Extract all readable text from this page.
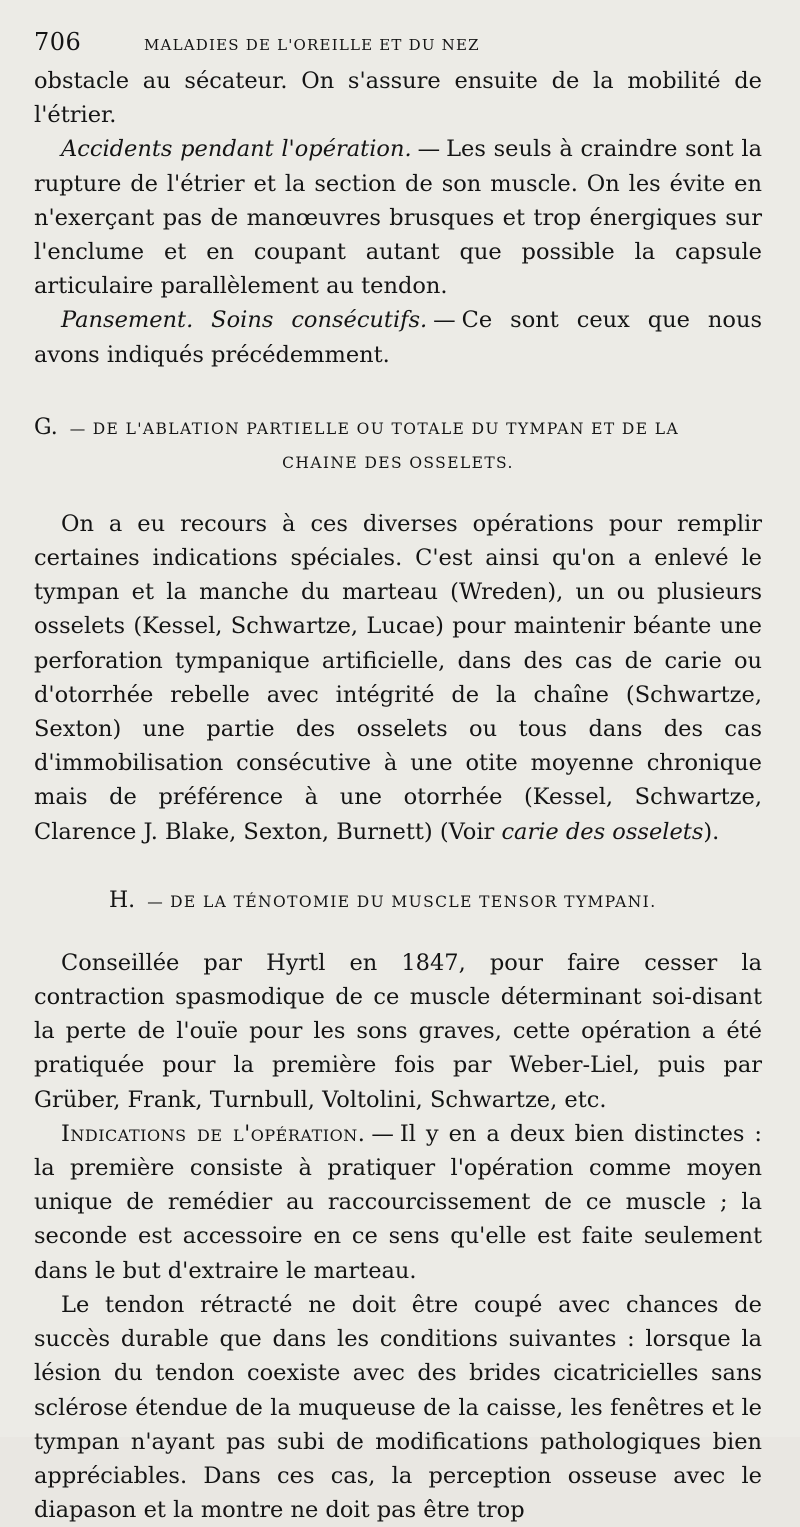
706	MALADIES DE L'OREILLE ET DU NEZ

obstacle au sécateur. On s'assure ensuite de la mobilité de l'étrier.

Accidents pendant l'opération. — Les seuls à craindre sont la rupture de l'étrier et la section de son muscle. On les évite en n'exerçant pas de manœuvres brusques et trop énergiques sur l'enclume et en coupant autant que possible la capsule articulaire parallèlement au tendon.

Pansement. Soins consécutifs. — Ce sont ceux que nous avons indiqués précédemment.

G. — DE L'ABLATION PARTIELLE OU TOTALE DU TYMPAN ET DE LA
CHAINE DES OSSELETS.

On a eu recours à ces diverses opérations pour remplir certaines indications spéciales. C'est ainsi qu'on a enlevé le tympan et la manche du marteau (Wreden), un ou plusieurs osselets (Kessel, Schwartze, Lucae) pour maintenir béante une perforation tympanique artificielle, dans des cas de carie ou d'otorrhée rebelle avec intégrité de la chaîne (Schwartze, Sexton) une partie des osselets ou tous dans des cas d'immobilisation consécutive à une otite moyenne chronique mais de préférence à une otorrhée (Kessel, Schwartze, Clarence J. Blake, Sexton, Burnett) (Voir carie des osselets).

H. — DE LA TÉNOTOMIE DU MUSCLE TENSOR TYMPANI.

Conseillée par Hyrtl en 1847, pour faire cesser la contraction spasmodique de ce muscle déterminant soi-disant la perte de l'ouïe pour les sons graves, cette opération a été pratiquée pour la première fois par Weber-Liel, puis par Grüber, Frank, Turnbull, Voltolini, Schwartze, etc.

Indications de l'opération. — Il y en a deux bien distinctes : la première consiste à pratiquer l'opération comme moyen unique de remédier au raccourcissement de ce muscle ; la seconde est accessoire en ce sens qu'elle est faite seulement dans le but d'extraire le marteau.

Le tendon rétracté ne doit être coupé avec chances de succès durable que dans les conditions suivantes : lorsque la lésion du tendon coexiste avec des brides cicatricielles sans sclérose étendue de la muqueuse de la caisse, les fenêtres et le tympan n'ayant pas subi de modifications pathologiques bien appréciables. Dans ces cas, la perception osseuse avec le diapason et la montre ne doit pas être trop
